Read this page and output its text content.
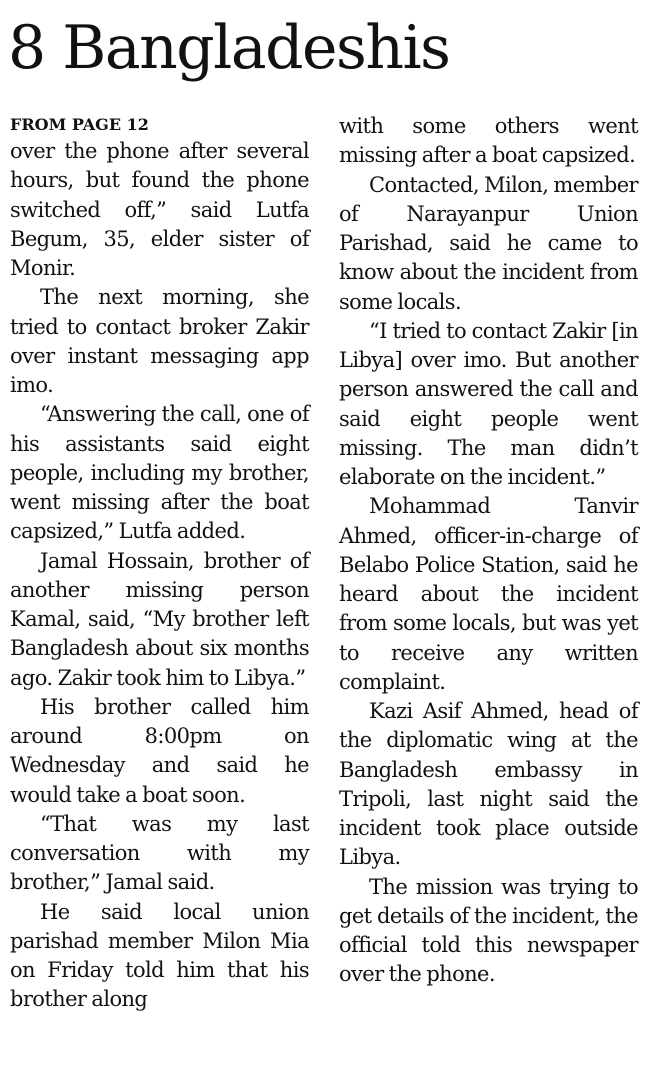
8 Bangladeshis
FROM PAGE 12

over the phone after several hours, but found the phone switched off,” said Lutfa Begum, 35, elder sister of Monir.

The next morning, she tried to contact broker Zakir over instant messaging app imo.

“Answering the call, one of his assistants said eight people, including my brother, went missing after the boat capsized,” Lutfa added.

Jamal Hossain, brother of another missing person Kamal, said, “My brother left Bangladesh about six months ago. Zakir took him to Libya.”

His brother called him around 8:00pm on Wednesday and said he would take a boat soon.

“That was my last conversation with my brother,” Jamal said.

He said local union parishad member Milon Mia on Friday told him that his brother along

with some others went missing after a boat capsized.

Contacted, Milon, member of Narayanpur Union Parishad, said he came to know about the incident from some locals.

“I tried to contact Zakir [in Libya] over imo. But another person answered the call and said eight people went missing. The man didn’t elaborate on the incident.”

Mohammad Tanvir Ahmed, officer-in-charge of Belabo Police Station, said he heard about the incident from some locals, but was yet to receive any written complaint.

Kazi Asif Ahmed, head of the diplomatic wing at the Bangladesh embassy in Tripoli, last night said the incident took place outside Libya.

The mission was trying to get details of the incident, the official told this newspaper over the phone.
